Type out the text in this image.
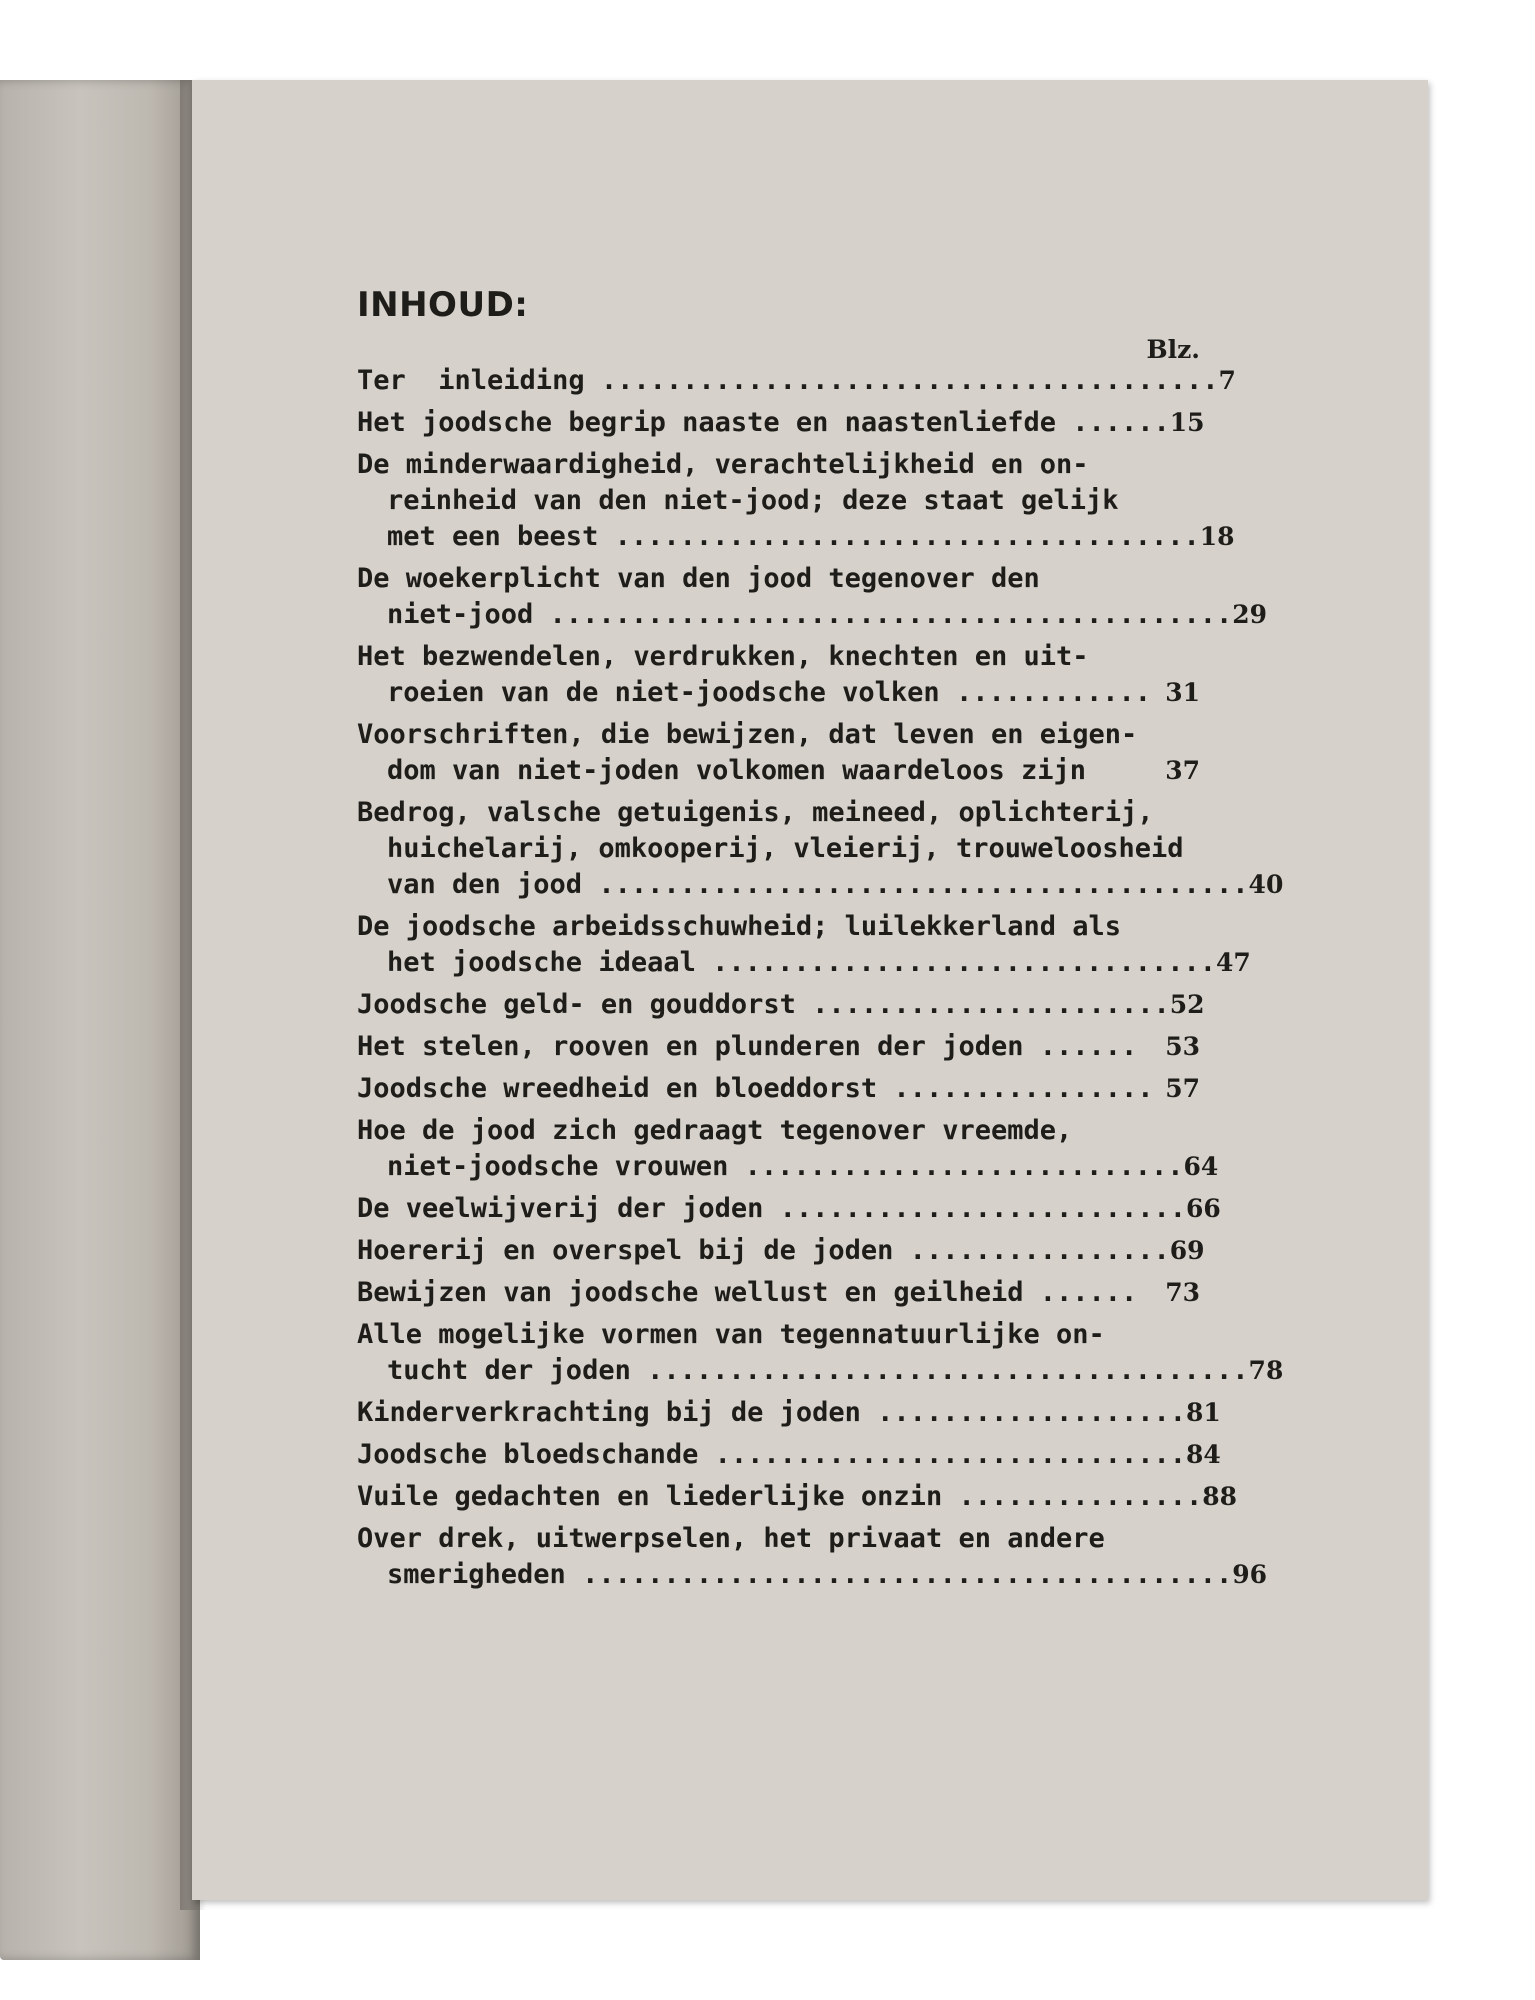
INHOUD:
Blz.
Ter  inleiding ...................................... 7
Het joodsche begrip naaste en naastenliefde ...... 15
De minderwaardigheid, verachtelijkheid en on-
reinheid van den niet-jood; deze staat gelijk
met een beest .................................... 18
De woekerplicht van den jood tegenover den
niet-jood .......................................... 29
Het bezwendelen, verdrukken, knechten en uit-
roeien van de niet-joodsche volken ............ 31
Voorschriften, die bewijzen, dat leven en eigen-
dom van niet-joden volkomen waardeloos zijn	37
Bedrog, valsche getuigenis, meineed, oplichterij,
huichelarij, omkooperij, vleierij, trouweloosheid
van den jood ........................................ 40
De joodsche arbeidsschuwheid; luilekkerland als
het joodsche ideaal ............................... 47
Joodsche geld- en gouddorst ...................... 52
Het stelen, rooven en plunderen der joden ......	53
Joodsche wreedheid en bloeddorst ................ 57
Hoe de jood zich gedraagt tegenover vreemde,
niet-joodsche vrouwen ........................... 64
De veelwijverij der joden ......................... 66
Hoererij en overspel bij de joden ................ 69
Bewijzen van joodsche wellust en geilheid ......	73
Alle mogelijke vormen van tegennatuurlijke on-
tucht der joden ..................................... 78
Kinderverkrachting bij de joden ................... 81
Joodsche bloedschande ............................. 84
Vuile gedachten en liederlijke onzin ............... 88
Over drek, uitwerpselen, het privaat en andere
smerigheden ........................................ 96
